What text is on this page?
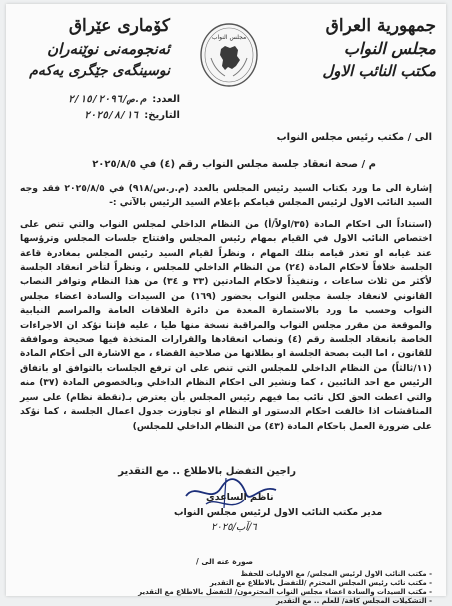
كۆماری عێراق
ئەنجومەنی نوێنەران
نوسینگەی جێگری یەکەم
مجلس النواب
جمهورية العراق
مجلس النواب
مكتب النائب الاول
العدد:م.ص/٢/١٥/٢٠٩٦
التاريخ:٢٠٢٥/٨/١٦
الى / مكتب رئيس مجلس النواب
م / صحة انعقاد جلسة مجلس النواب رقم (٤) في ٢٠٢٥/٨/٥

إشارة الى ما ورد بكتاب السيد رئيس المجلس بالعدد (م.ر.س/٩١٨) في ٢٠٢٥/٨/٥ فقد وجه السيد النائب الاول لرئيس المجلس قيامكم بإعلام السيد الرئيس بالآتي :-

(استناداً الى احكام المادة (٣٥/اولاً/أ) من النظام الداخلي لمجلس النواب والتي تنص على اختصاص النائب الاول في القيام بمهام رئيس المجلس وافتتاح جلسات المجلس وترؤسها عند غيابه او تعذر قيامه بتلك المهام ، ونظراً لقيام السيد رئيس المجلس بمغادرة قاعة الجلسة خلافاً لاحكام المادة (٢٤) من النظام الداخلي للمجلس ، ونظراً لتأخر انعقاد الجلسة لأكثر من ثلاث ساعات ، وتنفيذاً لاحكام المادتين (٣٣ و ٣٤) من هذا النظام وتوافر النصاب القانوني لانعقاد جلسة مجلس النواب بحضور (١٦٩) من السيدات والسادة اعضاء مجلس النواب وحسب ما ورد بالاستمارة المعدة من دائرة العلاقات العامة والمراسم النيابية والموقعة من مقرر مجلس النواب والمراقبة نسخة منها طيا ، عليه فإننا نؤكد ان الاجراءات الخاصة بانعقاد الجلسة رقم (٤) ونصاب انعقادها والقرارات المتخذة فيها صحيحة وموافقة للقانون ، اما البت بصحة الجلسة او بطلانها من صلاحية القضاء ، مع الاشارة الى أحكام المادة (١١/ثالثاً) من النظام الداخلي للمجلس التي تنص على ان ترفع الجلسات بالتوافق او باتفاق الرئيس مع احد النائبين ، كما ونشير الى احكام النظام الداخلي وبالخصوص المادة (٣٧) منه والتي اعطت الحق لكل نائب بما فيهم رئيس المجلس بأن يعترض بـ(نقطة نظام) على سير المناقشات اذا خالفت احكام الدستور او النظام او تجاوزت جدول اعمال الجلسة ، كما نؤكد على ضرورة العمل باحكام المادة (٤٣) من النظام الداخلي للمجلس)

راجين التفضل بالاطلاع .. مع التقدير
ناظم الساعدي
مدير مكتب النائب الاول لرئيس مجلس النواب
٦/آب/٢٠٢٥
صورة عنه الى /
- مكتب النائب الاول لرئيس المجلس/ مع الاوليات للحفظ
- مكتب نائب رئيس المجلس المحترم /للتفضل بالاطلاع مع التقدير
- مكتب السيدات والسادة اعضاء مجلس النواب المحترمون/ للتفضل بالاطلاع مع التقدير
- التشكيلات المجلس كافة/ للعلم .. مع التقدير
